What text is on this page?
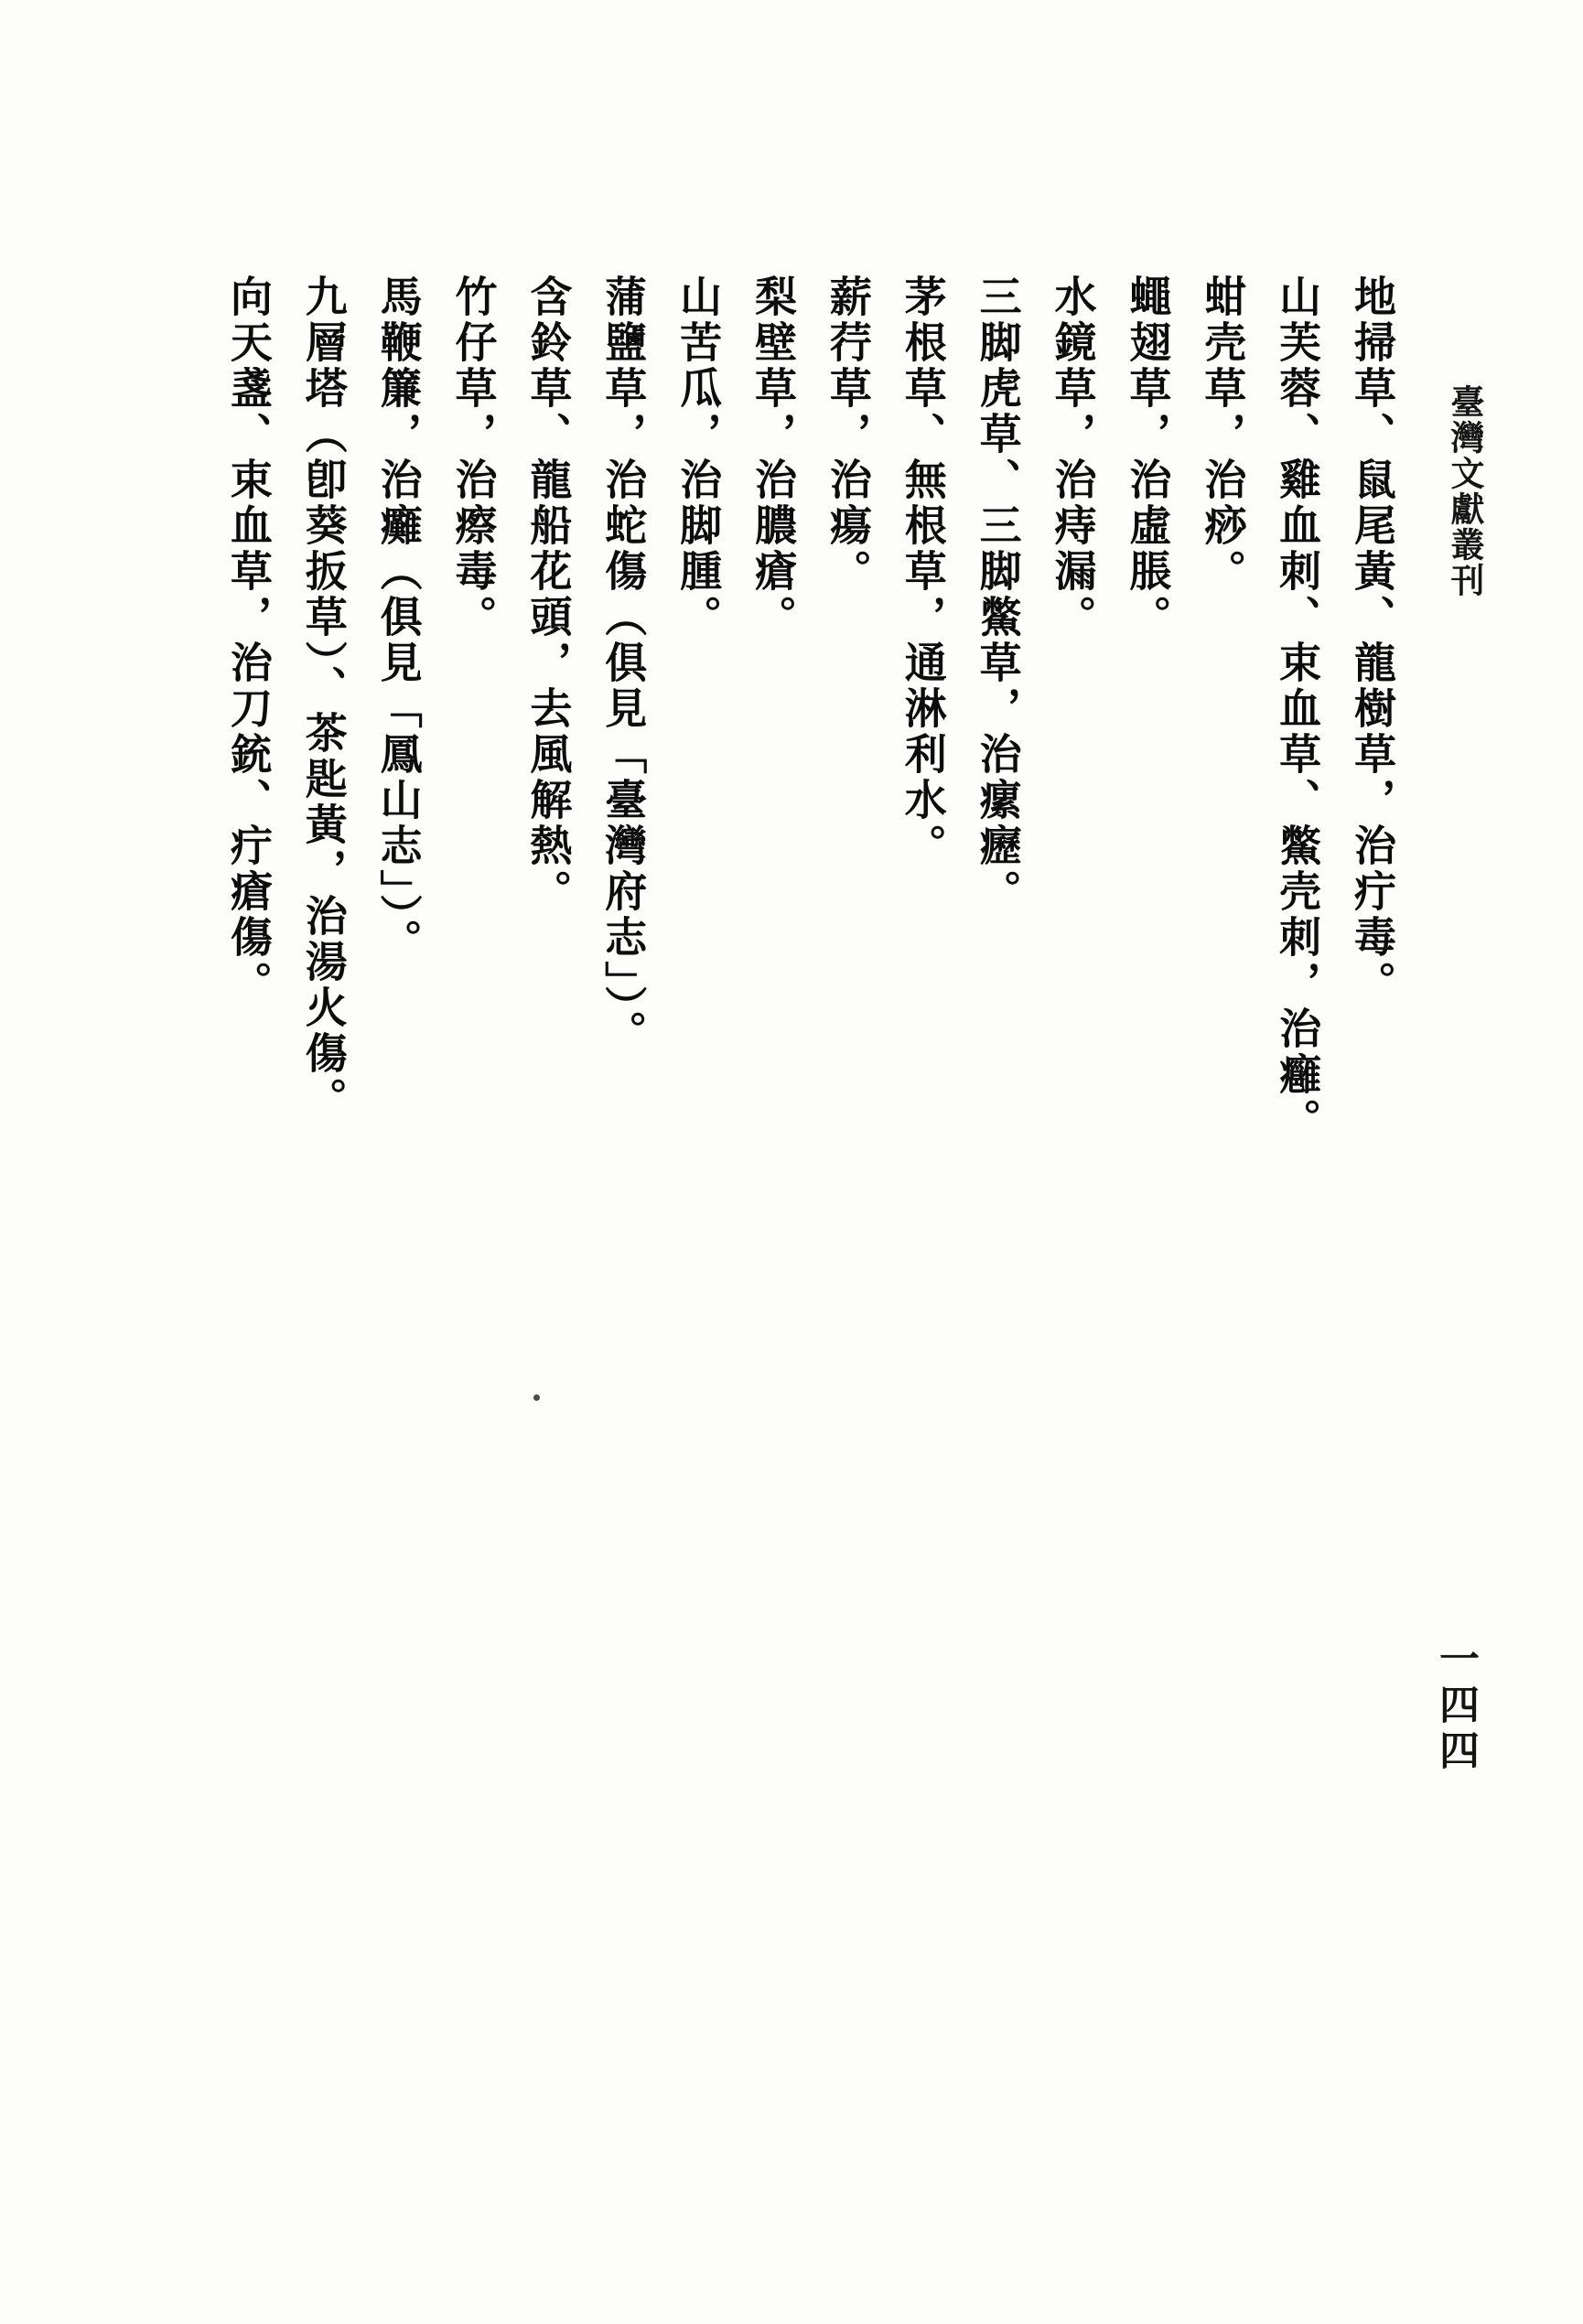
臺灣文獻叢刊
地掃草、鼠尾黃、龍樹草，治疔毒。
山芙蓉、雞血刺、束血草、鱉壳刺，治癰。
蚶壳草，治痧。
蠅翅草，治虛脹。
水鏡草，治痔漏。
三脚虎草、三脚鱉草，治瘰癧。
茅根草、無根草，通淋利水。
薪荇草，治瘍。
梨壁草，治膿瘡。
山苦瓜，治脚腫。
蒲鹽草，治蛇傷（俱見「臺灣府志」）。
含鈴草、龍船花頭，去風解熱。
竹仔草，治瘵毒。
馬鞭簾，治癱（俱見「鳳山志」）。
九層塔（卽葵扳草）、茶匙黃，治湯火傷。
向天盞、束血草，治刀銃、疔瘡傷。
一四四
